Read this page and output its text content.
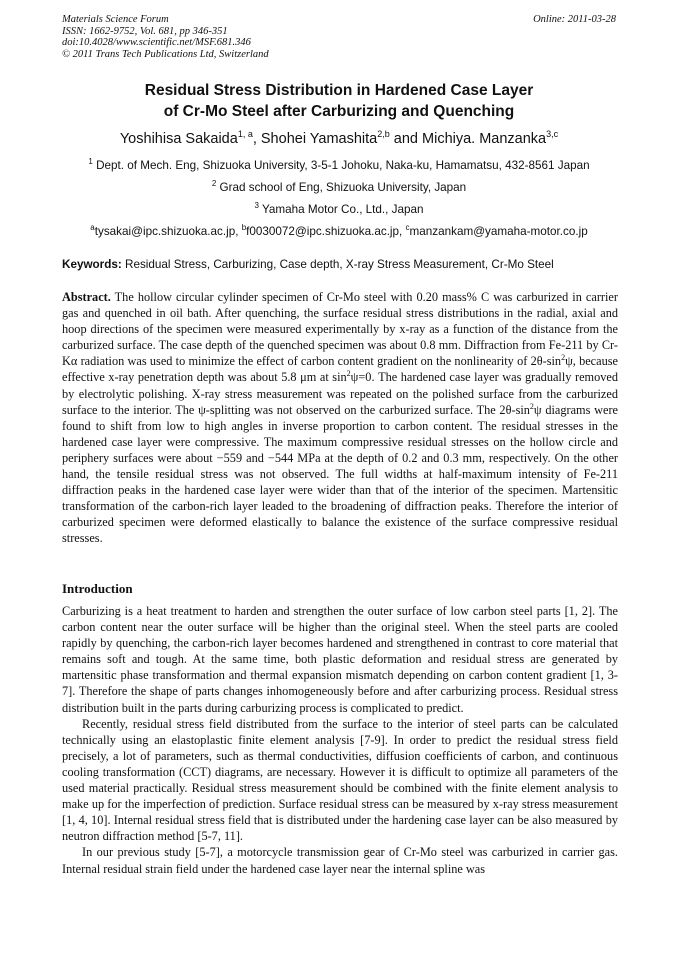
Materials Science Forum
ISSN: 1662-9752, Vol. 681, pp 346-351
doi:10.4028/www.scientific.net/MSF.681.346
© 2011 Trans Tech Publications Ltd, Switzerland
Online: 2011-03-28
Residual Stress Distribution in Hardened Case Layer
of Cr-Mo Steel after Carburizing and Quenching
Yoshihisa Sakaida$^{1, a}$, Shohei Yamashita$^{2,b}$ and Michiya. Manzanka$^{3,c}$
$^1$ Dept. of Mech. Eng, Shizuoka University, 3-5-1 Johoku, Naka-ku, Hamamatsu, 432-8561 Japan
$^2$ Grad school of Eng, Shizuoka University, Japan
$^3$ Yamaha Motor Co., Ltd., Japan
$^a$tysakai@ipc.shizuoka.ac.jp, $^b$f0030072@ipc.shizuoka.ac.jp, $^c$manzankam@yamaha-motor.co.jp
Keywords: Residual Stress, Carburizing, Case depth, X-ray Stress Measurement, Cr-Mo Steel

Abstract. The hollow circular cylinder specimen of Cr-Mo steel with 0.20 mass% C was carburized in carrier gas and quenched in oil bath. After quenching, the surface residual stress distributions in the radial, axial and hoop directions of the specimen were measured experimentally by x-ray as a function of the distance from the carburized surface. The case depth of the quenched specimen was about 0.8 mm. Diffraction from Fe-211 by Cr-Kα radiation was used to minimize the effect of carbon content gradient on the nonlinearity of $2\theta-\sin^2\psi$, because effective x-ray penetration depth was about 5.8 μm at $\sin^2\psi=0$. The hardened case layer was gradually removed by electrolytic polishing. X-ray stress measurement was repeated on the polished surface from the carburized surface to the interior. The ψ-splitting was not observed on the carburized surface. The $2\theta-\sin^2\psi$ diagrams were found to shift from low to high angles in inverse proportion to carbon content. The residual stresses in the hardened case layer were compressive. The maximum compressive residual stresses on the hollow circle and periphery surfaces were about −559 and −544 MPa at the depth of 0.2 and 0.3 mm, respectively. On the other hand, the tensile residual stress was not observed. The full widths at half-maximum intensity of Fe-211 diffraction peaks in the hardened case layer were wider than that of the interior of the specimen. Martensitic transformation of the carbon-rich layer leaded to the broadening of diffraction peaks. Therefore the interior of carburized specimen were deformed elastically to balance the existence of the surface compressive residual stresses.

Introduction

Carburizing is a heat treatment to harden and strengthen the outer surface of low carbon steel parts [1, 2]. The carbon content near the outer surface will be higher than the original steel. When the steel parts are cooled rapidly by quenching, the carbon-rich layer becomes hardened and strengthened in contrast to core material that remains soft and tough. At the same time, both plastic deformation and residual stress are generated by martensitic phase transformation and thermal expansion mismatch depending on carbon content gradient [1, 3-7]. Therefore the shape of parts changes inhomogeneously before and after carburizing process. Residual stress distribution built in the parts during carburizing process is complicated to predict.

Recently, residual stress field distributed from the surface to the interior of steel parts can be calculated technically using an elastoplastic finite element analysis [7-9]. In order to predict the residual stress field precisely, a lot of parameters, such as thermal conductivities, diffusion coefficients of carbon, and continuous cooling transformation (CCT) diagrams, are necessary. However it is difficult to optimize all parameters of the used material practically. Residual stress measurement should be combined with the finite element analysis to make up for the imperfection of prediction. Surface residual stress can be measured by x-ray stress measurement [1, 4, 10]. Internal residual stress field that is distributed under the hardening case layer can be also measured by neutron diffraction method [5-7, 11].

In our previous study [5-7], a motorcycle transmission gear of Cr-Mo steel was carburized in carrier gas. Internal residual strain field under the hardened case layer near the internal spline was
